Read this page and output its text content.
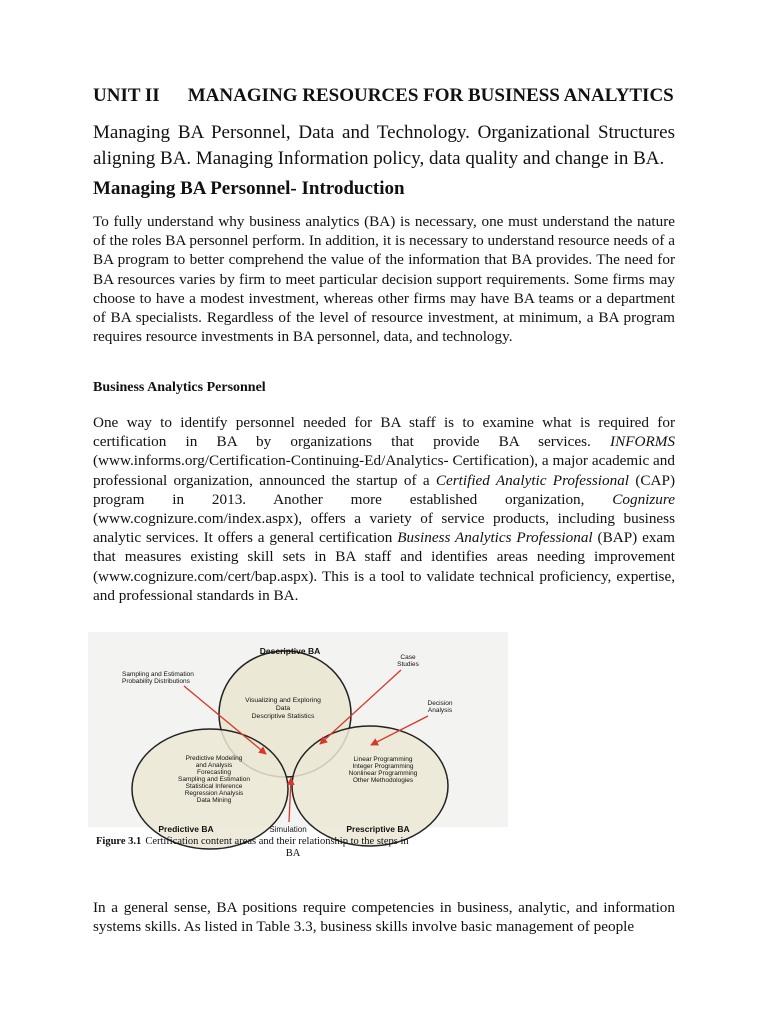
UNIT II MANAGING RESOURCES FOR BUSINESS ANALYTICS

Managing BA Personnel, Data and Technology. Organizational Structures aligning BA. Managing Information policy, data quality and change in BA.

Managing BA Personnel- Introduction

To fully understand why business analytics (BA) is necessary, one must understand the nature of the roles BA personnel perform. In addition, it is necessary to understand resource needs of a BA program to better comprehend the value of the information that BA provides. The need for BA resources varies by firm to meet particular decision support requirements. Some firms may choose to have a modest investment, whereas other firms may have BA teams or a department of BA specialists. Regardless of the level of resource investment, at minimum, a BA program requires resource investments in BA personnel, data, and technology.

Business Analytics Personnel

One way to identify personnel needed for BA staff is to examine what is required for certification in BA by organizations that provide BA services. INFORMS (www.informs.org/Certification-Continuing-Ed/Analytics- Certification), a major academic and professional organization, announced the startup of a Certified Analytic Professional (CAP) program in 2013. Another more established organization, Cognizure (www.cognizure.com/index.aspx), offers a variety of service products, including business analytic services. It offers a general certification Business Analytics Professional (BAP) exam that measures existing skill sets in BA staff and identifies areas needing improvement (www.cognizure.com/cert/bap.aspx). This is a tool to validate technical proficiency, expertise, and professional standards in BA.

Descriptive BA
Predictive BA	Prescriptive BA
Visualizing and Exploring
Data
Descriptive Statistics
Predictive Modeling
and Analysis
Forecasting
Sampling and Estimation
Statistical Inference
Regression Analysis
Data Mining
Linear Programming
Integer Programming
Nonlinear Programming
Other Methodologies
Sampling and Estimation
Probability Distributions
Case
Studies
Decision
Analysis
Simulation
Figure 3.1 Certification content areas and their relationship to the steps in
BA

In a general sense, BA positions require competencies in business, analytic, and information systems skills. As listed in Table 3.3, business skills involve basic management of people
